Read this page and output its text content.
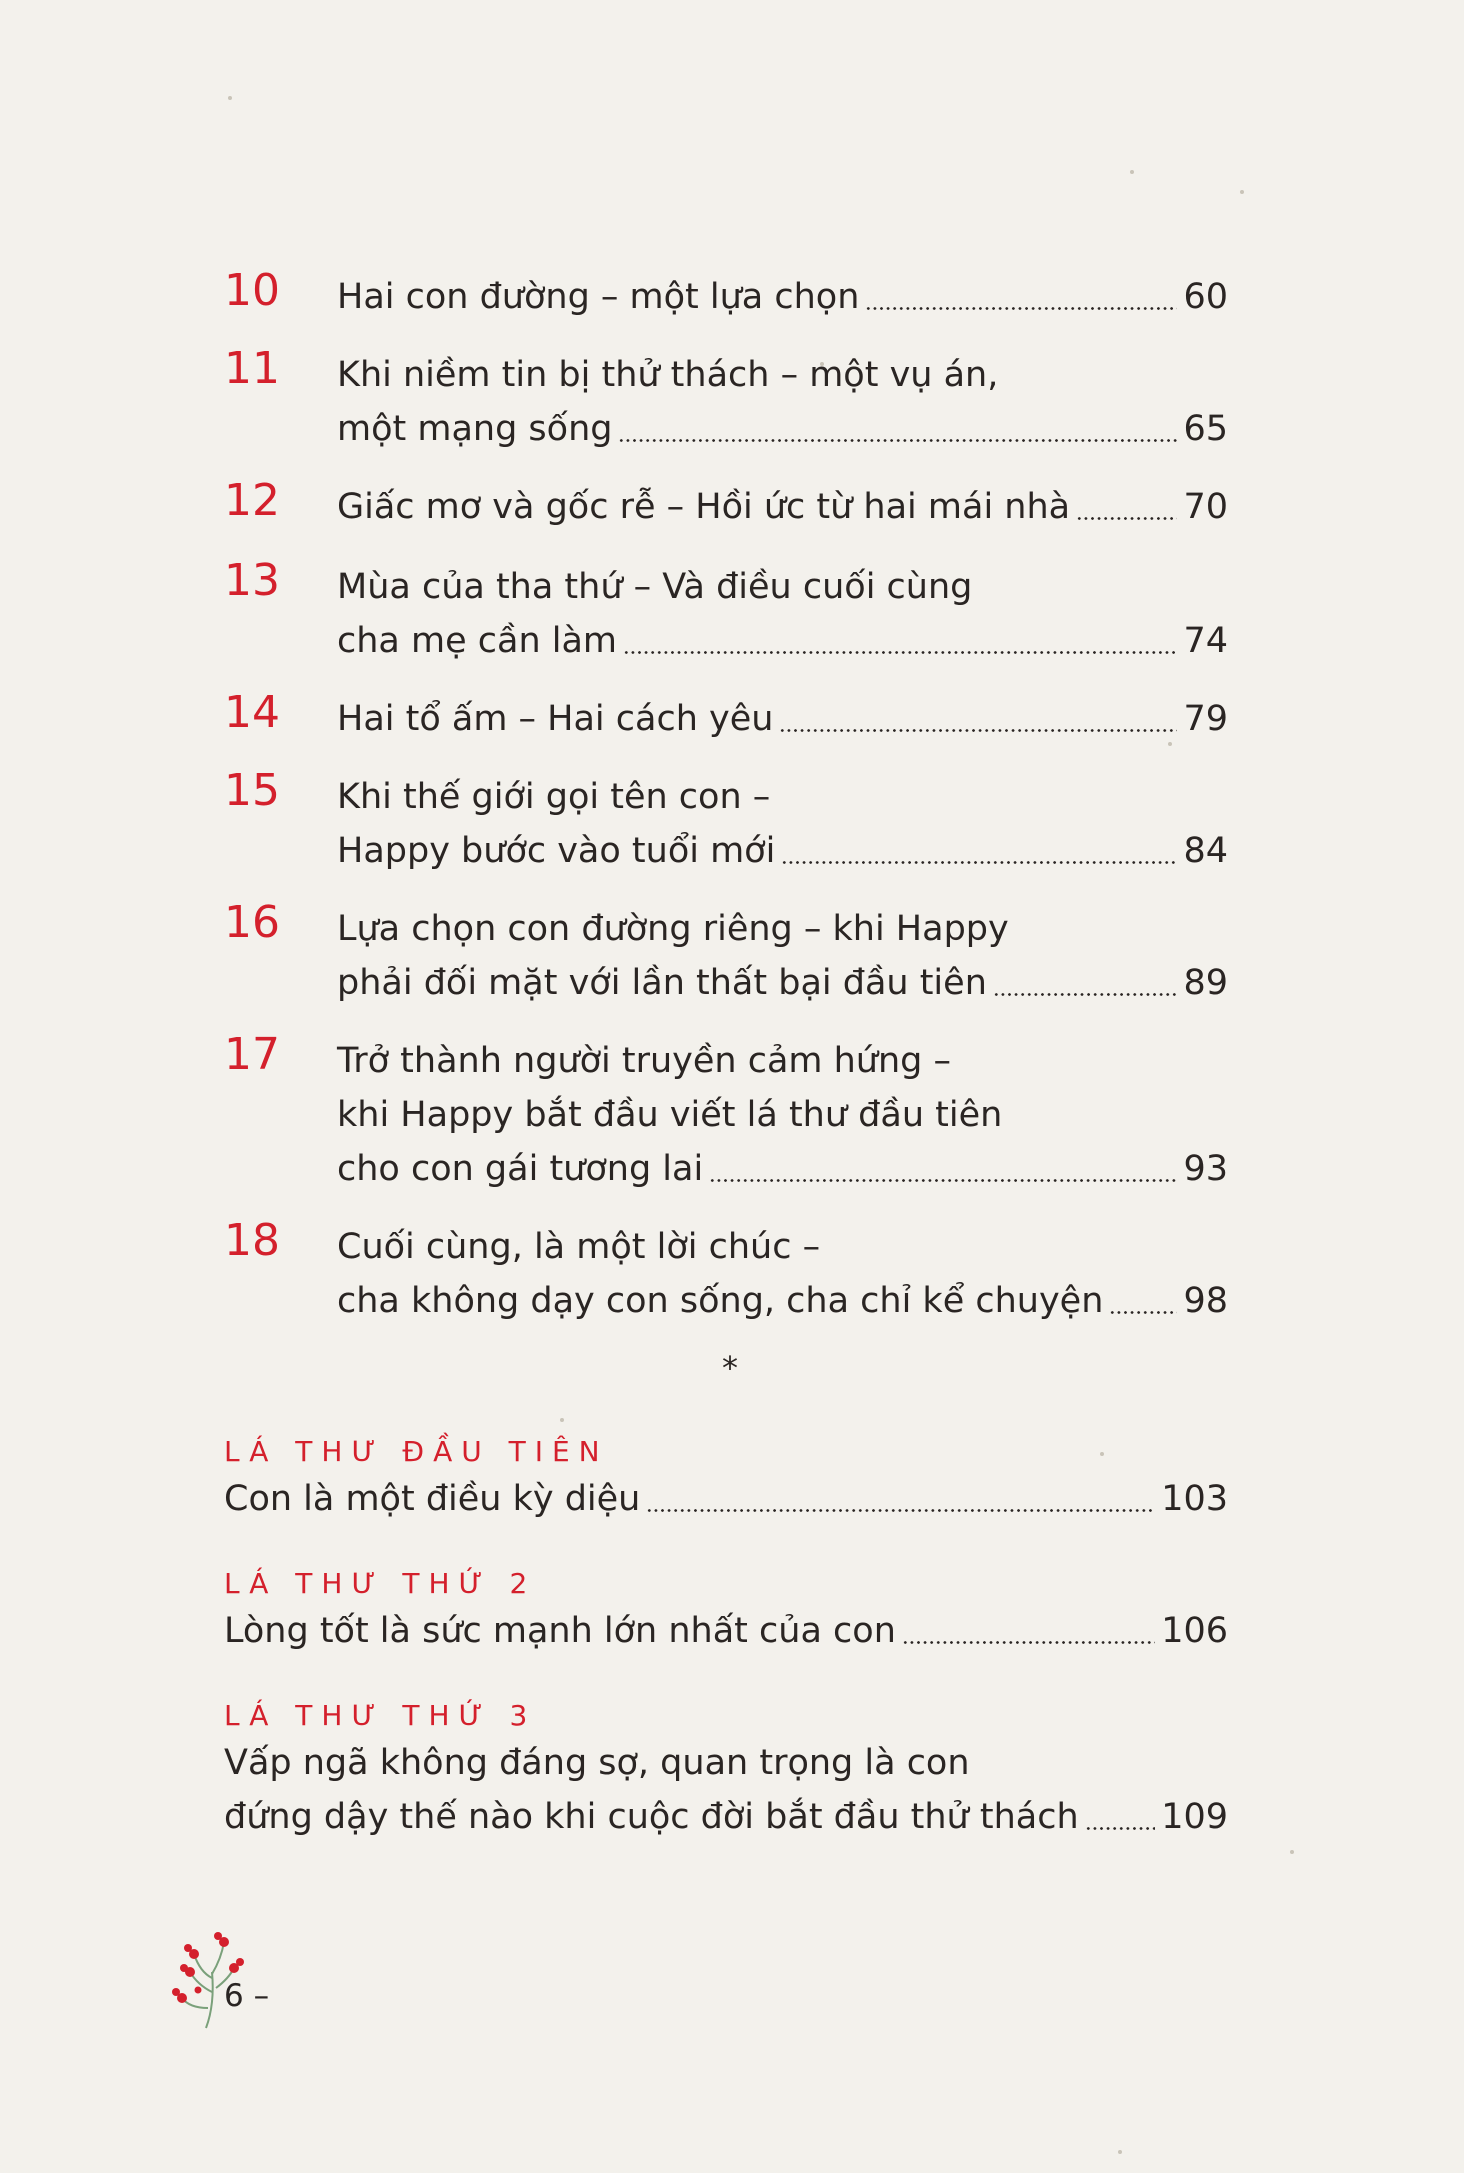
10 Hai con đường – một lựa chọn	60
11 Khi niềm tin bị thử thách – một vụ án,
một mạng sống	65
12 Giấc mơ và gốc rễ – Hồi ức từ hai mái nhà	70
13 Mùa của tha thứ – Và điều cuối cùng
cha mẹ cần làm	74
14 Hai tổ ấm – Hai cách yêu	79
15 Khi thế giới gọi tên con –
Happy bước vào tuổi mới	84
16 Lựa chọn con đường riêng – khi Happy
phải đối mặt với lần thất bại đầu tiên	89
17 Trở thành người truyền cảm hứng –
khi Happy bắt đầu viết lá thư đầu tiên
cho con gái tương lai	93
18 Cuối cùng, là một lời chúc –
cha không dạy con sống, cha chỉ kể chuyện 98
LÁ THƯ ĐẦU TIÊN
Con là một điều kỳ diệu	103
LÁ THƯ THỨ 2
Lòng tốt là sức mạnh lớn nhất của con	106
LÁ THƯ THỨ 3
Vấp ngã không đáng sợ, quan trọng là con
đứng dậy thế nào khi cuộc đời bắt đầu thử thách 109
*
6 –
